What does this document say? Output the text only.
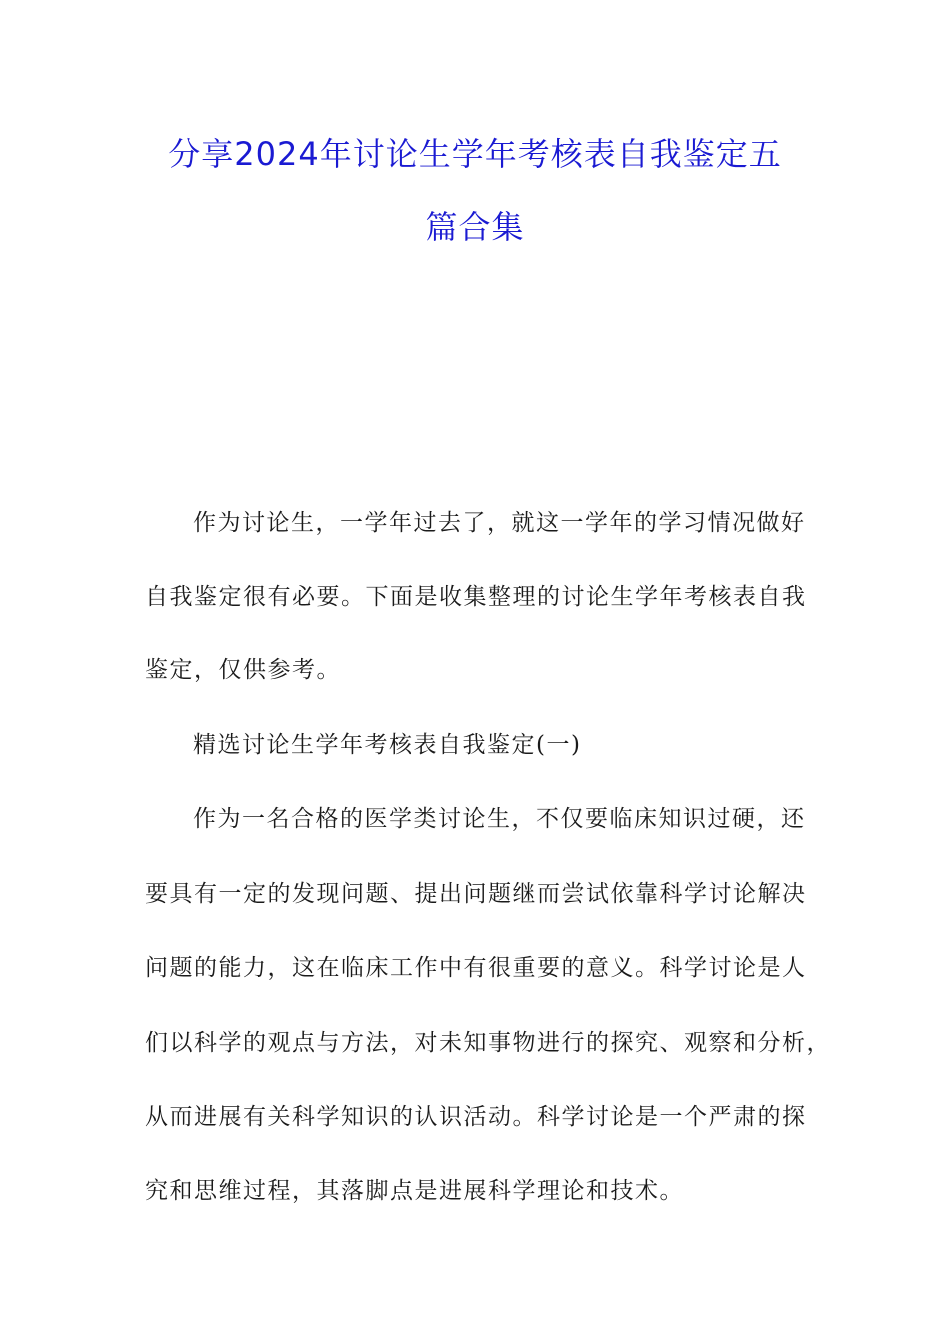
分享2024年讨论生学年考核表自我鉴定五
篇合集
作为讨论生，一学年过去了，就这一学年的学习情况做好
自我鉴定很有必要。下面是收集整理的讨论生学年考核表自我
鉴定，仅供参考。
精选讨论生学年考核表自我鉴定(一)
作为一名合格的医学类讨论生，不仅要临床知识过硬，还
要具有一定的发现问题、提出问题继而尝试依靠科学讨论解决
问题的能力，这在临床工作中有很重要的意义。科学讨论是人
们以科学的观点与方法，对未知事物进行的探究、观察和分析，
从而进展有关科学知识的认识活动。科学讨论是一个严肃的探
究和思维过程，其落脚点是进展科学理论和技术。
